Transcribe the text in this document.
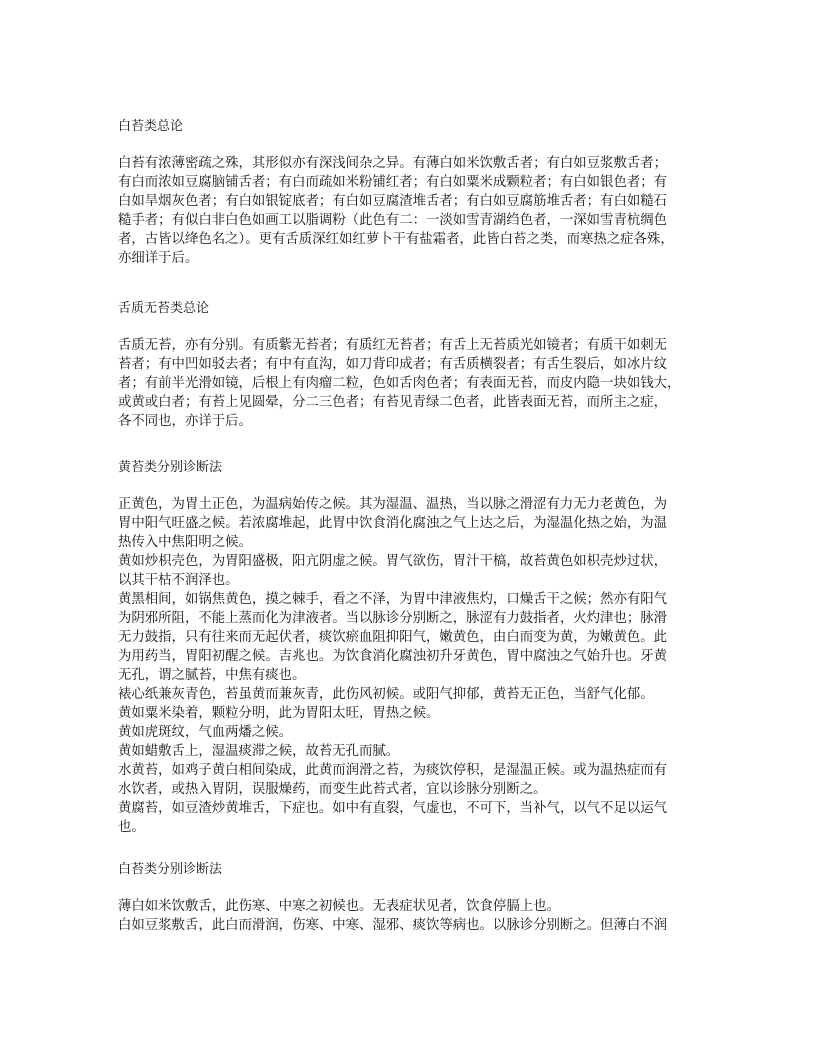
白苔类总论
白苔有浓薄密疏之殊，其形似亦有深浅间杂之异。有薄白如米饮敷舌者；有白如豆浆敷舌者；
有白而浓如豆腐脑铺舌者；有白而疏如米粉铺红者；有白如粟米成颗粒者；有白如银色者；有
白如旱烟灰色者；有白如银锭底者；有白如豆腐渣堆舌者；有白如豆腐筋堆舌者；有白如糙石
糙手者；有似白非白色如画工以脂调粉（此色有二：一淡如雪青湖绉色者，一深如雪青杭绸色
者，古皆以绛色名之）。更有舌质深红如红萝卜干有盐霜者，此皆白苔之类，而寒热之症各殊，
亦细详于后。
舌质无苔类总论
舌质无苔，亦有分别。有质紫无苔者；有质红无苔者；有舌上无苔质光如镜者；有质干如刺无
苔者；有中凹如驳去者；有中有直沟，如刀背印成者；有舌质横裂者；有舌生裂后，如冰片纹
者；有前半光滑如镜，后根上有肉瘤二粒，色如舌肉色者；有表面无苔，而皮内隐一块如钱大，
或黄或白者；有苔上见圆晕，分二三色者；有苔见青绿二色者，此皆表面无苔，而所主之症，
各不同也，亦详于后。
黄苔类分别诊断法
正黄色，为胃土正色，为温病始传之候。其为湿温、温热，当以脉之滑涩有力无力老黄色，为
胃中阳气旺盛之候。若浓腐堆起，此胃中饮食消化腐浊之气上达之后，为湿温化热之始，为温
热传入中焦阳明之候。
黄如炒枳壳色，为胃阳盛极，阳亢阴虚之候。胃气欲伤，胃汁干槁，故苔黄色如枳壳炒过状，
以其干枯不润泽也。
黄黑相间，如锅焦黄色，摸之棘手，看之不泽，为胃中津液焦灼，口燥舌干之候；然亦有阳气
为阴邪所阻，不能上蒸而化为津液者。当以脉诊分别断之，脉涩有力鼓指者，火灼津也；脉滑
无力鼓指，只有往来而无起伏者，痰饮瘀血阻抑阳气，嫩黄色，由白而变为黄，为嫩黄色。此
为用药当，胃阳初醒之候。吉兆也。为饮食消化腐浊初升牙黄色，胃中腐浊之气始升也。牙黄
无孔，谓之腻苔，中焦有痰也。
裱心纸兼灰青色，苔虽黄而兼灰青，此伤风初候。或阳气抑郁，黄苔无正色，当舒气化郁。
黄如粟米染着，颗粒分明，此为胃阳太旺，胃热之候。
黄如虎斑纹，气血两燔之候。
黄如蜡敷舌上，湿温痰滞之候，故苔无孔而腻。
水黄苔，如鸡子黄白相间染成，此黄而润滑之苔，为痰饮停积，是湿温正候。或为温热症而有
水饮者，或热入胃阴，误服燥药，而变生此苔式者，宜以诊脉分别断之。
黄腐苔，如豆渣炒黄堆舌，下症也。如中有直裂，气虚也，不可下，当补气，以气不足以运气
也。
白苔类分别诊断法
薄白如米饮敷舌，此伤寒、中寒之初候也。无表症状见者，饮食停膈上也。
白如豆浆敷舌，此白而滑润，伤寒、中寒、湿邪、痰饮等病也。以脉诊分别断之。但薄白不润
